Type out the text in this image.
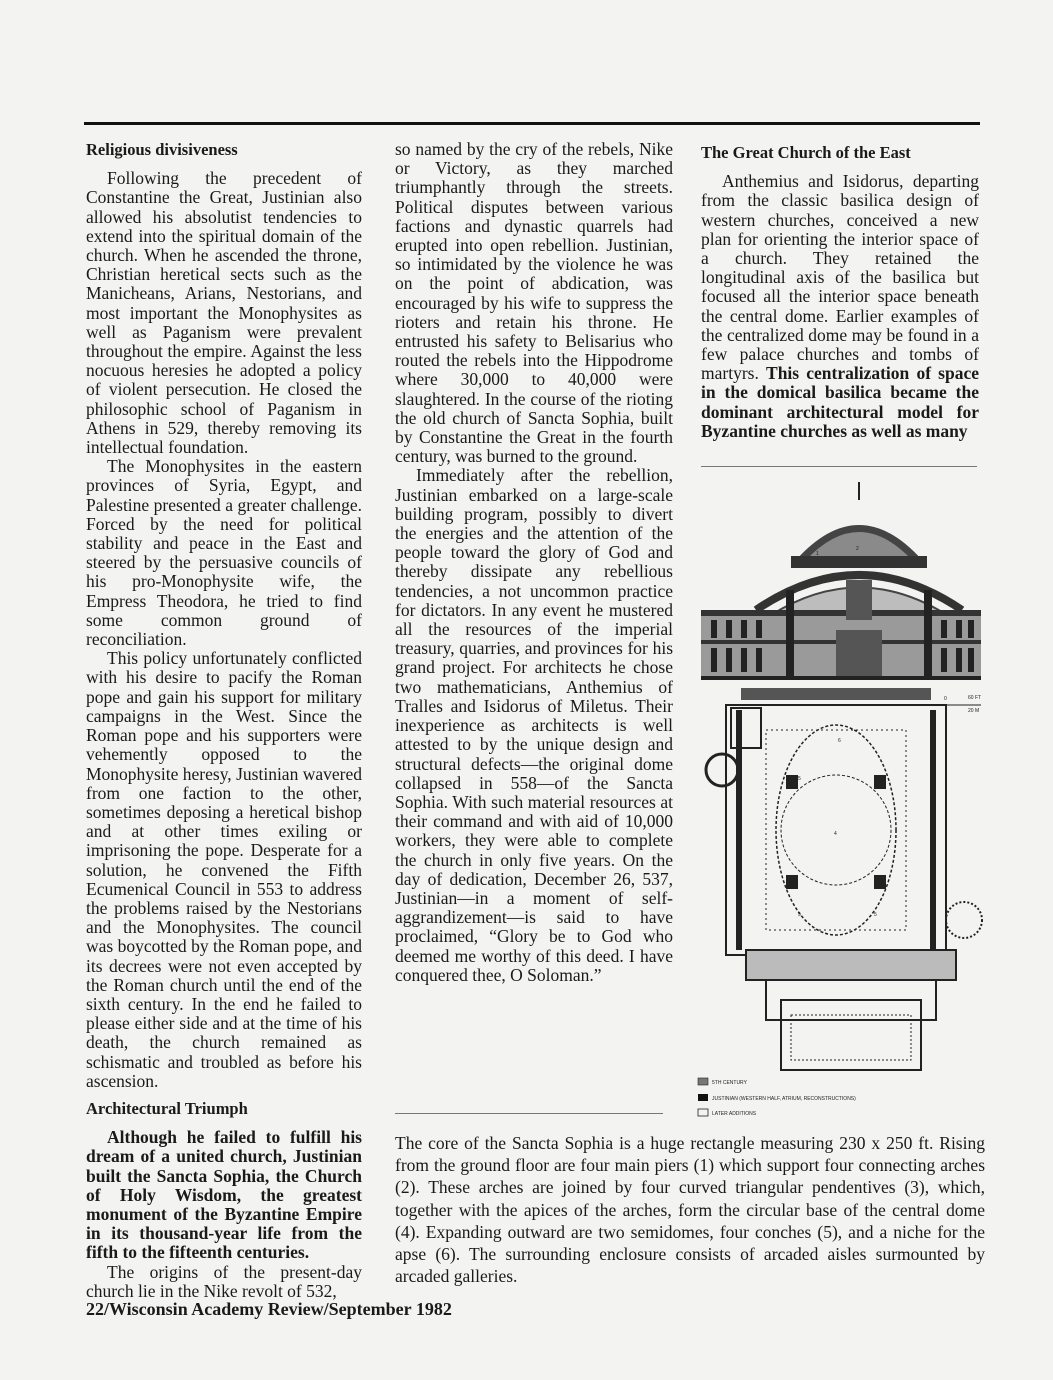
Religious divisiveness

Following the precedent of Constantine the Great, Justinian also allowed his absolutist tendencies to extend into the spiritual domain of the church. When he ascended the throne, Christian heretical sects such as the Manicheans, Arians, Nestorians, and most important the Monophysites as well as Paganism were prevalent throughout the empire. Against the less nocuous heresies he adopted a policy of violent persecution. He closed the philosophic school of Paganism in Athens in 529, thereby removing its intellectual foundation.

The Monophysites in the eastern provinces of Syria, Egypt, and Palestine presented a greater challenge. Forced by the need for political stability and peace in the East and steered by the persuasive councils of his pro-Monophysite wife, the Empress Theodora, he tried to find some common ground of reconciliation.

This policy unfortunately conflicted with his desire to pacify the Roman pope and gain his support for military campaigns in the West. Since the Roman pope and his supporters were vehemently opposed to the Monophysite heresy, Justinian wavered from one faction to the other, sometimes deposing a heretical bishop and at other times exiling or imprisoning the pope. Desperate for a solution, he convened the Fifth Ecumenical Council in 553 to address the problems raised by the Nestorians and the Monophysites. The council was boycotted by the Roman pope, and its decrees were not even accepted by the Roman church until the end of the sixth century. In the end he failed to please either side and at the time of his death, the church remained as schismatic and troubled as before his ascension.

Architectural Triumph

Although he failed to fulfill his dream of a united church, Justinian built the Sancta Sophia, the Church of Holy Wisdom, the greatest monument of the Byzantine Empire in its thousand-year life from the fifth to the fifteenth centuries.

The origins of the present-day church lie in the Nike revolt of 532,

so named by the cry of the rebels, Nike or Victory, as they marched triumphantly through the streets. Political disputes between various factions and dynastic quarrels had erupted into open rebellion. Justinian, so intimidated by the violence he was on the point of abdication, was encouraged by his wife to suppress the rioters and retain his throne. He entrusted his safety to Belisarius who routed the rebels into the Hippodrome where 30,000 to 40,000 were slaughtered. In the course of the rioting the old church of Sancta Sophia, built by Constantine the Great in the fourth century, was burned to the ground.

Immediately after the rebellion, Justinian embarked on a large-scale building program, possibly to divert the energies and the attention of the people toward the glory of God and thereby dissipate any rebellious tendencies, a not uncommon practice for dictators. In any event he mustered all the resources of the imperial treasury, quarries, and provinces for his grand project. For architects he chose two mathematicians, Anthemius of Tralles and Isidorus of Miletus. Their inexperience as architects is well attested to by the unique design and structural defects—the original dome collapsed in 558—of the Sancta Sophia. With such material resources at their command and with aid of 10,000 workers, they were able to complete the church in only five years. On the day of dedication, December 26, 537, Justinian—in a moment of self-aggrandizement—is said to have proclaimed, “Glory be to God who deemed me worthy of this deed. I have conquered thee, O Soloman.”

The Great Church of the East

Anthemius and Isidorus, departing from the classic basilica design of western churches, conceived a new plan for orienting the interior space of a church. They retained the longitudinal axis of the basilica but focused all the interior space beneath the central dome. Earlier examples of the centralized dome may be found in a few palace churches and tombs of martyrs. This centralization of space in the domical basilica became the dominant architectural model for Byzantine churches as well as many

1
2
0	60 FT
20 M
4
6
5	5
5	5
5TH CENTURY
JUSTINIAN (WESTERN HALF, ATRIUM, RECONSTRUCTIONS)
LATER ADDITIONS
The core of the Sancta Sophia is a huge rectangle measuring 230 x 250 ft. Rising from the ground floor are four main piers (1) which support four connecting arches (2). These arches are joined by four curved triangular pendentives (3), which, together with the apices of the arches, form the circular base of the central dome (4). Expanding outward are two semidomes, four conches (5), and a niche for the apse (6). The surrounding enclosure consists of arcaded aisles surmounted by arcaded galleries.
22/Wisconsin Academy Review/September 1982
